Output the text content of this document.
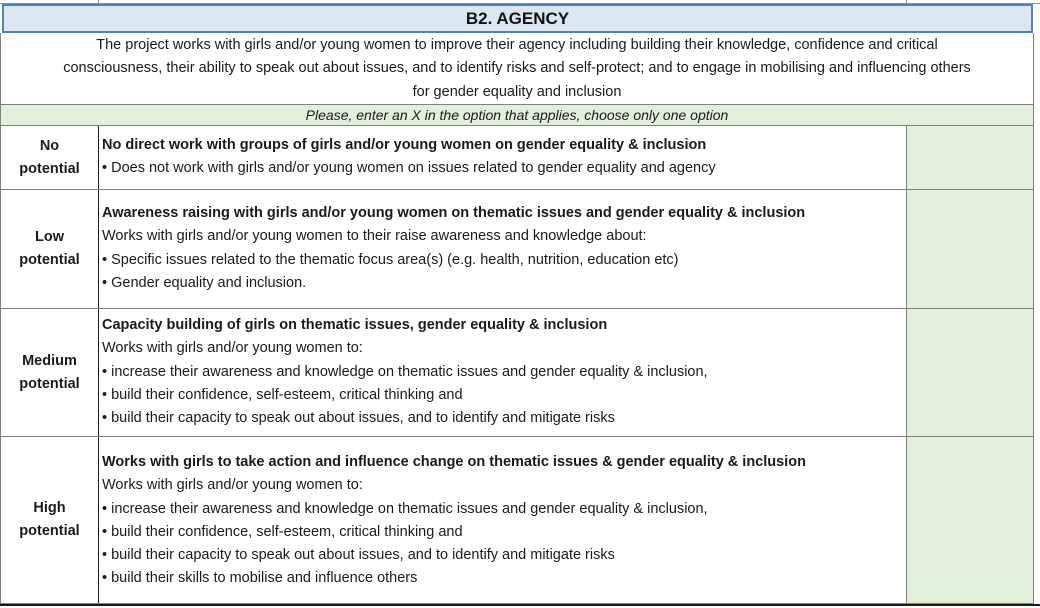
B2. AGENCY
The project works with girls and/or young women to improve their agency including building their knowledge, confidence and critical
consciousness, their ability to speak out about issues, and to identify risks and self-protect; and to engage in mobilising and influencing others
for gender equality and inclusion
Please, enter an X in the option that applies, choose only one option
No
potential
No direct work with groups of girls and/or young women on gender equality & inclusion
• Does not work with girls and/or young women on issues related to gender equality and agency
Low
potential
Awareness raising with girls and/or young women on thematic issues and gender equality & inclusion
Works with girls and/or young women to their raise awareness and knowledge about:
• Specific issues related to the thematic focus area(s) (e.g. health, nutrition, education etc)
• Gender equality and inclusion.
Medium
potential
Capacity building of girls on thematic issues, gender equality & inclusion
Works with girls and/or young women to:
• increase their awareness and knowledge on thematic issues and gender equality & inclusion,
• build their confidence, self-esteem, critical thinking and
• build their capacity to speak out about issues, and to identify and mitigate risks
High
potential
Works with girls to take action and influence change on thematic issues & gender equality & inclusion
Works with girls and/or young women to:
• increase their awareness and knowledge on thematic issues and gender equality & inclusion,
• build their confidence, self-esteem, critical thinking and
• build their capacity to speak out about issues, and to identify and mitigate risks
• build their skills to mobilise and influence others
